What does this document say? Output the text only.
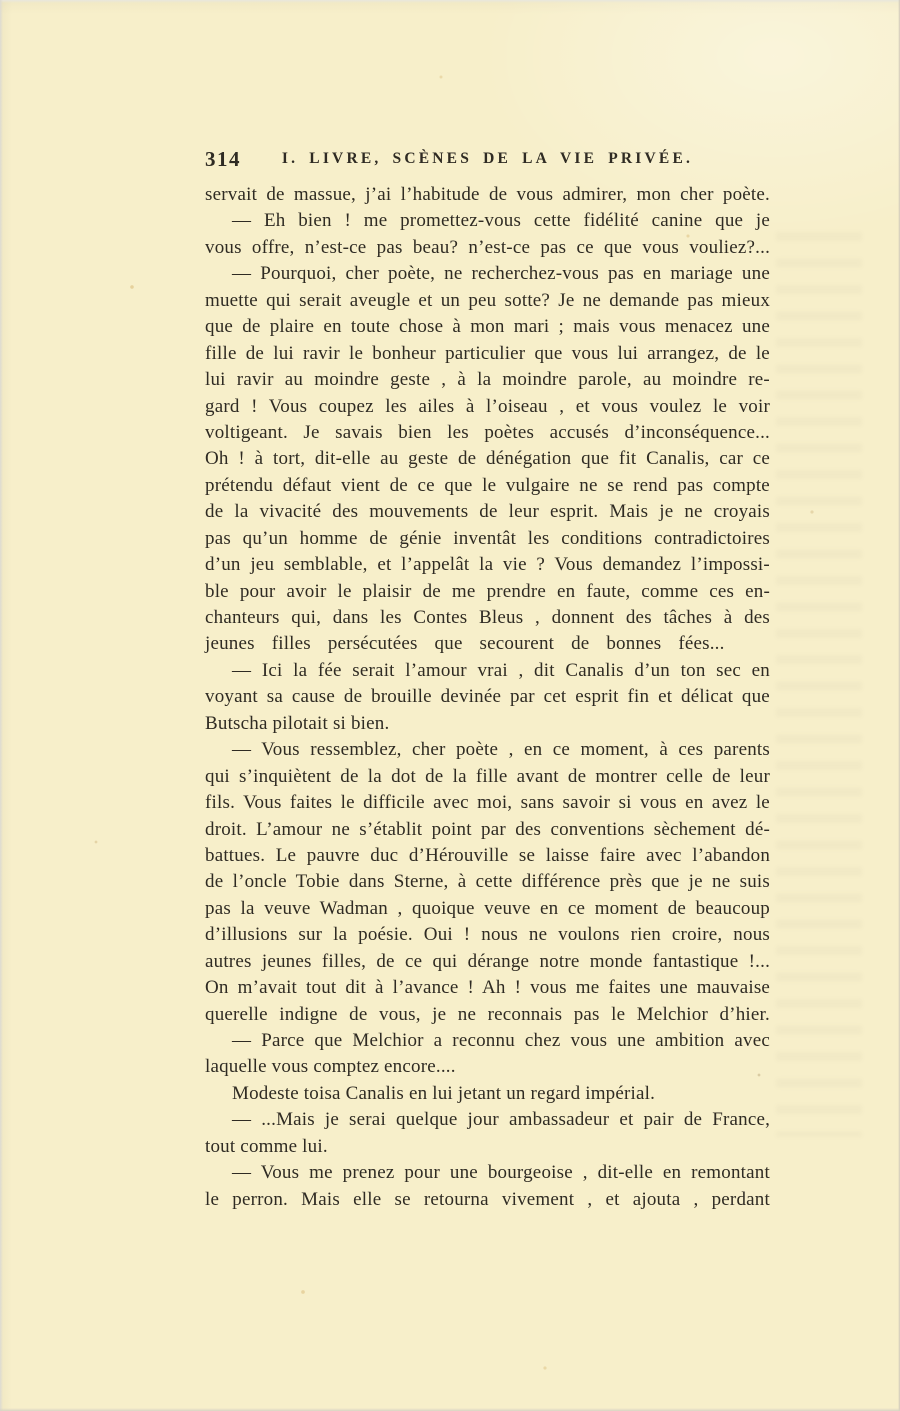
314	I. LIVRE, SCÈNES DE LA VIE PRIVÉE.
servait de massue, j’ai l’habitude de vous admirer, mon cher poète.
— Eh bien ! me promettez-vous cette fidélité canine que je
vous offre, n’est-ce pas beau? n’est-ce pas ce que vous vouliez?...
— Pourquoi, cher poète, ne recherchez-vous pas en mariage une
muette qui serait aveugle et un peu sotte? Je ne demande pas mieux
que de plaire en toute chose à mon mari ; mais vous menacez une
fille de lui ravir le bonheur particulier que vous lui arrangez, de le
lui ravir au moindre geste , à la moindre parole, au moindre re-
gard ! Vous coupez les ailes à l’oiseau , et vous voulez le voir
voltigeant. Je savais bien les poètes accusés d’inconséquence...
Oh ! à tort, dit-elle au geste de dénégation que fit Canalis, car ce
prétendu défaut vient de ce que le vulgaire ne se rend pas compte
de la vivacité des mouvements de leur esprit. Mais je ne croyais
pas qu’un homme de génie inventât les conditions contradictoires
d’un jeu semblable, et l’appelât la vie ? Vous demandez l’impossi-
ble pour avoir le plaisir de me prendre en faute, comme ces en-
chanteurs qui, dans les Contes Bleus , donnent des tâches à des
jeunes filles persécutées que secourent de bonnes fées...
— Ici la fée serait l’amour vrai , dit Canalis d’un ton sec en
voyant sa cause de brouille devinée par cet esprit fin et délicat que
Butscha pilotait si bien.
— Vous ressemblez, cher poète , en ce moment, à ces parents
qui s’inquiètent de la dot de la fille avant de montrer celle de leur
fils. Vous faites le difficile avec moi, sans savoir si vous en avez le
droit. L’amour ne s’établit point par des conventions sèchement dé-
battues. Le pauvre duc d’Hérouville se laisse faire avec l’abandon
de l’oncle Tobie dans Sterne, à cette différence près que je ne suis
pas la veuve Wadman , quoique veuve en ce moment de beaucoup
d’illusions sur la poésie. Oui ! nous ne voulons rien croire, nous
autres jeunes filles, de ce qui dérange notre monde fantastique !...
On m’avait tout dit à l’avance ! Ah ! vous me faites une mauvaise
querelle indigne de vous, je ne reconnais pas le Melchior d’hier.
— Parce que Melchior a reconnu chez vous une ambition avec
laquelle vous comptez encore....
Modeste toisa Canalis en lui jetant un regard impérial.
— ...Mais je serai quelque jour ambassadeur et pair de France,
tout comme lui.
— Vous me prenez pour une bourgeoise , dit-elle en remontant
le perron. Mais elle se retourna vivement , et ajouta , perdant
